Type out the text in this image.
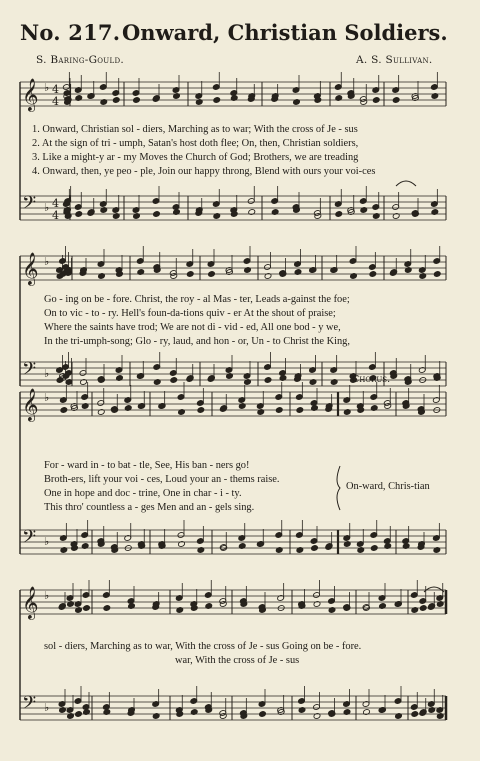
No. 217. Onward, Christian Soldiers.
S. Baring-Gould.	A. S. Sullivan.
𝄞
𝄢
♭
♭
4
4
4
4
𝄞
𝄢
♭
♭
𝄞
𝄢
♭
♭
𝄞
𝄢
♭
♭
1. Onward, Christian sol - diers, Marching as to war; With the cross of Je - sus
2. At the sign of tri - umph, Satan's host doth flee; On, then, Christian soldiers,
3. Like a might-y ar - my Moves the Church of God; Brothers, we are treading
4. Onward, then, ye peo - ple, Join our happy throng, Blend with ours your voi-ces
Go - ing on be - fore. Christ, the roy - al Mas - ter, Leads a-gainst the foe;
On to vic - to - ry. Hell's foun-da-tions quiv - er At the shout of praise;
Where the saints have trod; We are not di - vid - ed, All one bod - y we,
In the tri-umph-song; Glo - ry, laud, and hon - or, Un - to Christ the King,
Chorus.
For - ward in - to bat - tle, See, His ban - ners go!
Broth-ers, lift your voi - ces, Loud your an - thems raise.
One in hope and doc - trine, One in char - i - ty.
This thro' countless a - ges Men and an - gels sing.
On-ward, Chris-tian
sol - diers, Marching as to war, With the cross of Je - sus Going on be - fore.
war, With the cross of Je - sus
